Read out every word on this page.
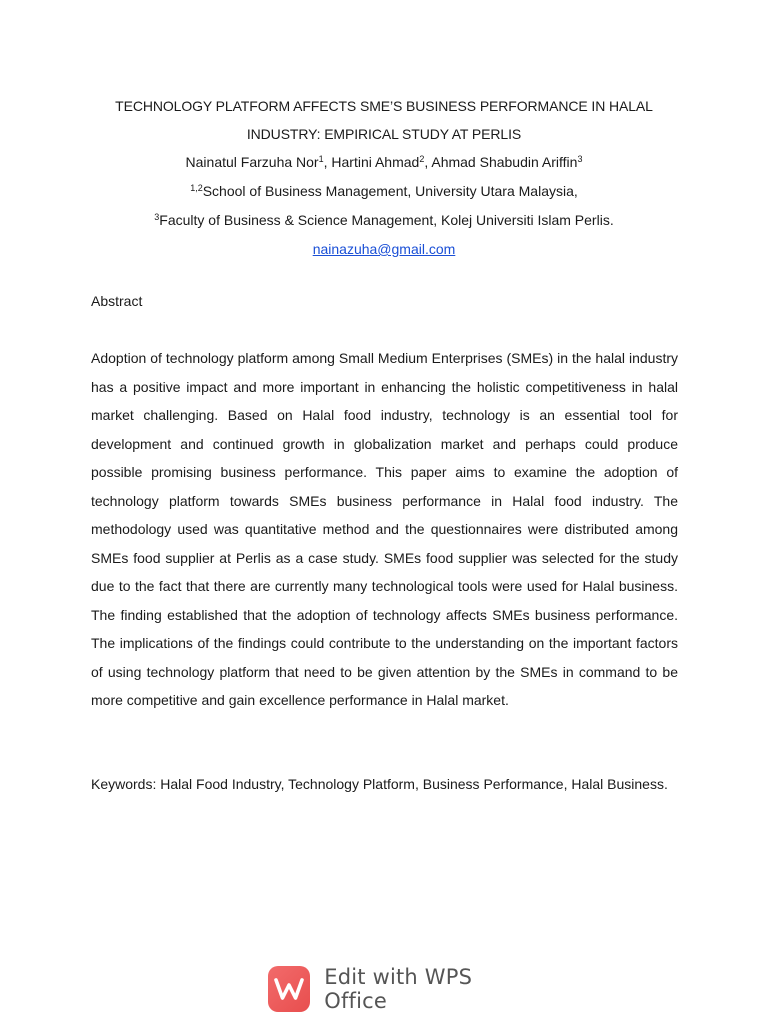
TECHNOLOGY PLATFORM AFFECTS SME’S BUSINESS PERFORMANCE IN HALAL
INDUSTRY: EMPIRICAL STUDY AT PERLIS
Nainatul Farzuha Nor$^1$, Hartini Ahmad$^2$, Ahmad Shabudin Ariffin$^3$
$^{1,2}$School of Business Management, University Utara Malaysia,
$^3$Faculty of Business & Science Management, Kolej Universiti Islam Perlis.
nainazuha@gmail.com
Abstract

Adoption of technology platform among Small Medium Enterprises (SMEs) in the halal industry has a positive impact and more important in enhancing the holistic competitiveness in halal market challenging. Based on Halal food industry, technology is an essential tool for development and continued growth in globalization market and perhaps could produce possible promising business performance. This paper aims to examine the adoption of technology platform towards SMEs business performance in Halal food industry. The methodology used was quantitative method and the questionnaires were distributed among SMEs food supplier at Perlis as a case study. SMEs food supplier was selected for the study due to the fact that there are currently many technological tools were used for Halal business. The finding established that the adoption of technology affects SMEs business performance. The implications of the findings could contribute to the understanding on the important factors of using technology platform that need to be given attention by the SMEs in command to be more competitive and gain excellence performance in Halal market.

Keywords: Halal Food Industry, Technology Platform, Business Performance, Halal Business.

Edit with WPS Office
